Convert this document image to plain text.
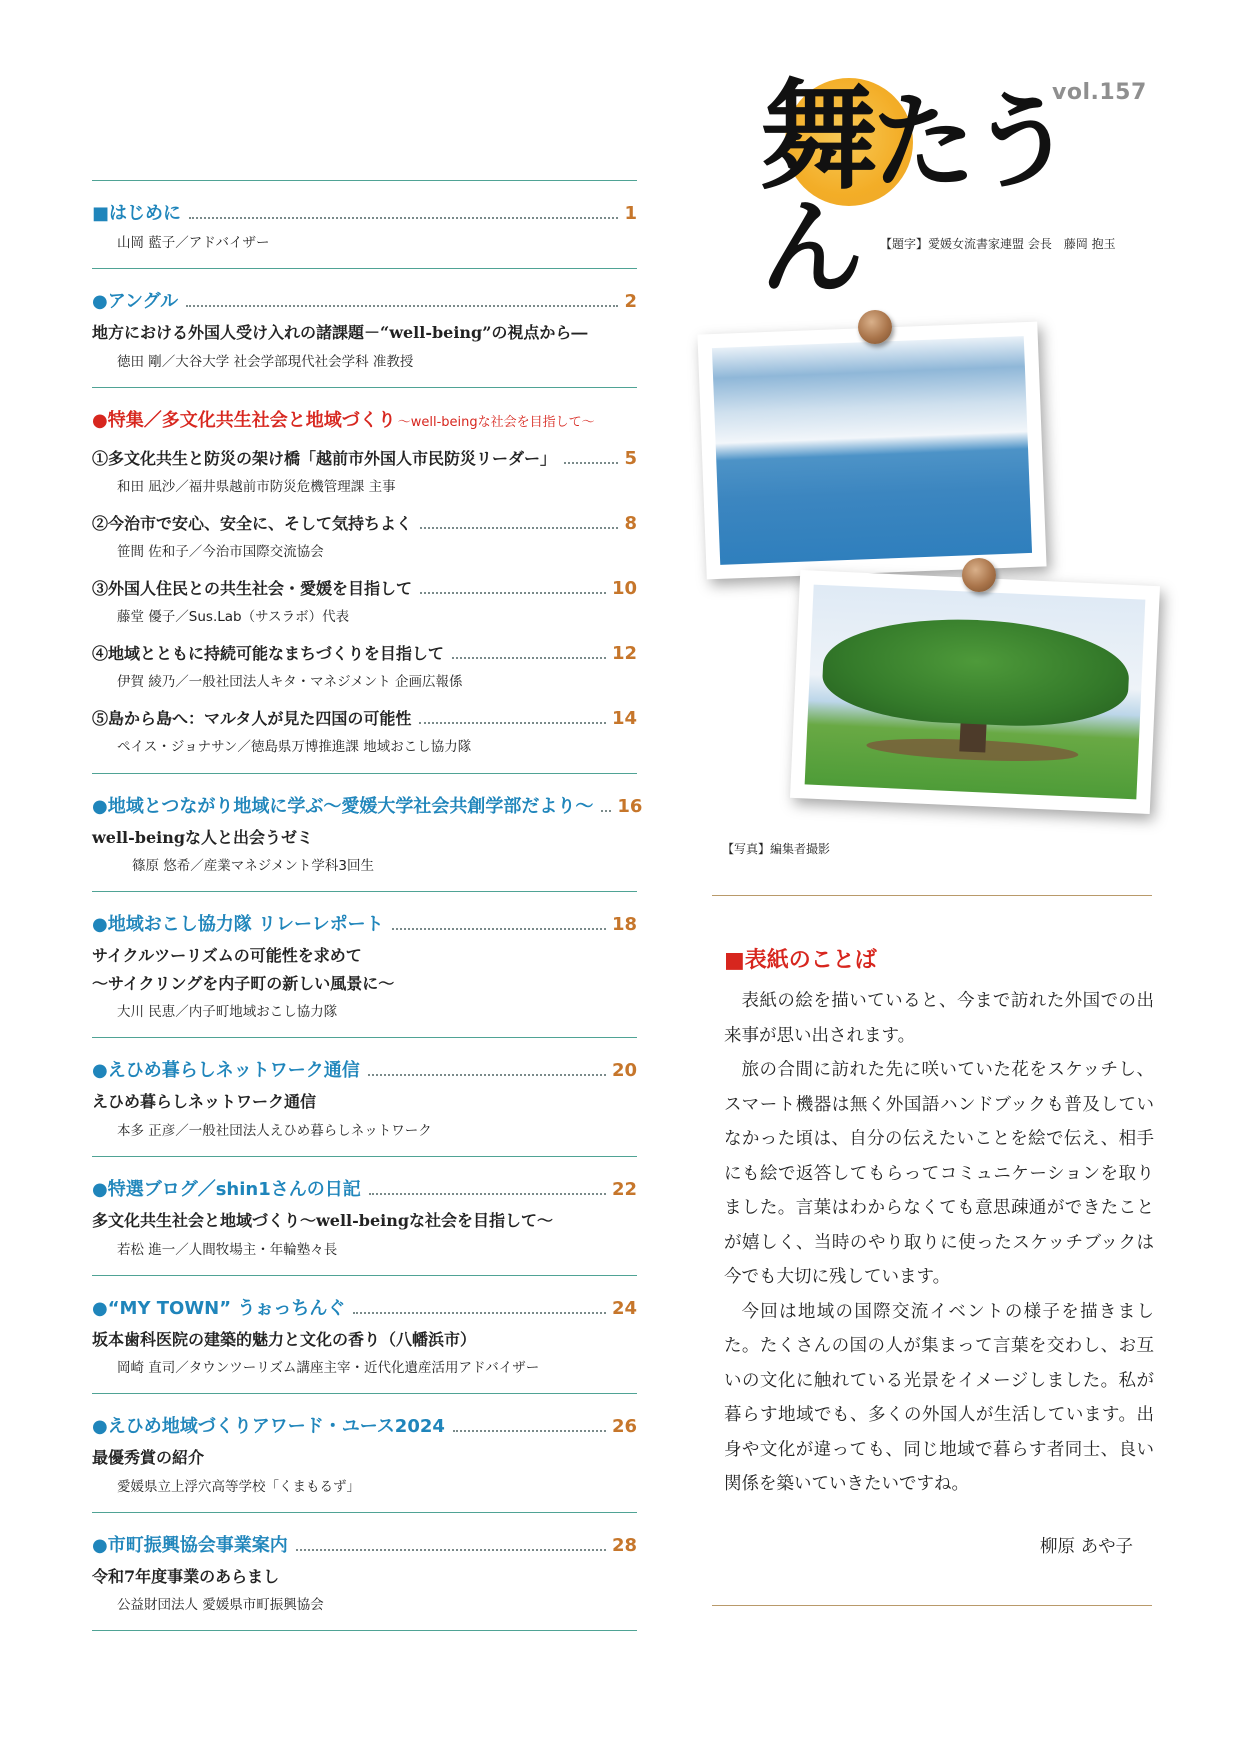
vol.157
舞たうん	【題字】愛媛女流書家連盟 会長　藤岡 抱玉
【写真】編集者撮影
■はじめに	1
山岡 藍子／アドバイザー
●アングル	2
地方における外国人受け入れの諸課題－“well-being”の視点から―
徳田 剛／大谷大学 社会学部現代社会学科 准教授
●特集／多文化共生社会と地域づくり ～well-beingな社会を目指して～
①多文化共生と防災の架け橋「越前市外国人市民防災リーダー」	5
和田 凪沙／福井県越前市防災危機管理課 主事
②今治市で安心、安全に、そして気持ちよく	8
笹間 佐和子／今治市国際交流協会
③外国人住民との共生社会・愛媛を目指して	10
藤堂 優子／Sus.Lab（サスラボ）代表
④地域とともに持続可能なまちづくりを目指して	12
伊賀 綾乃／一般社団法人キタ・マネジメント 企画広報係
⑤島から島へ：マルタ人が見た四国の可能性	14
ペイス・ジョナサン／徳島県万博推進課 地域おこし協力隊
●地域とつながり地域に学ぶ～愛媛大学社会共創学部だより～ 16
well-beingな人と出会うゼミ
篠原 悠希／産業マネジメント学科3回生
●地域おこし協力隊 リレーレポート	18
サイクルツーリズムの可能性を求めて
～サイクリングを内子町の新しい風景に～
大川 民恵／内子町地域おこし協力隊
●えひめ暮らしネットワーク通信	20
えひめ暮らしネットワーク通信
本多 正彦／一般社団法人えひめ暮らしネットワーク
●特選ブログ／shin1さんの日記	22
多文化共生社会と地域づくり～well-beingな社会を目指して～
若松 進一／人間牧場主・年輪塾々長
●“MY TOWN” うぉっちんぐ	24
坂本歯科医院の建築的魅力と文化の香り（八幡浜市）
岡崎 直司／タウンツーリズム講座主宰・近代化遺産活用アドバイザー
●えひめ地域づくりアワード・ユース2024	26
最優秀賞の紹介
愛媛県立上浮穴高等学校「くまもるず」
●市町振興協会事業案内	28
令和7年度事業のあらまし
公益財団法人 愛媛県市町振興協会
■表紙のことば

表紙の絵を描いていると、今まで訪れた外国での出来事が思い出されます。

旅の合間に訪れた先に咲いていた花をスケッチし、スマート機器は無く外国語ハンドブックも普及していなかった頃は、自分の伝えたいことを絵で伝え、相手にも絵で返答してもらってコミュニケーションを取りました。言葉はわからなくても意思疎通ができたことが嬉しく、当時のやり取りに使ったスケッチブックは今でも大切に残しています。

今回は地域の国際交流イベントの様子を描きました。たくさんの国の人が集まって言葉を交わし、お互いの文化に触れている光景をイメージしました。私が暮らす地域でも、多くの外国人が生活しています。出身や文化が違っても、同じ地域で暮らす者同士、良い関係を築いていきたいですね。

柳原 あや子
